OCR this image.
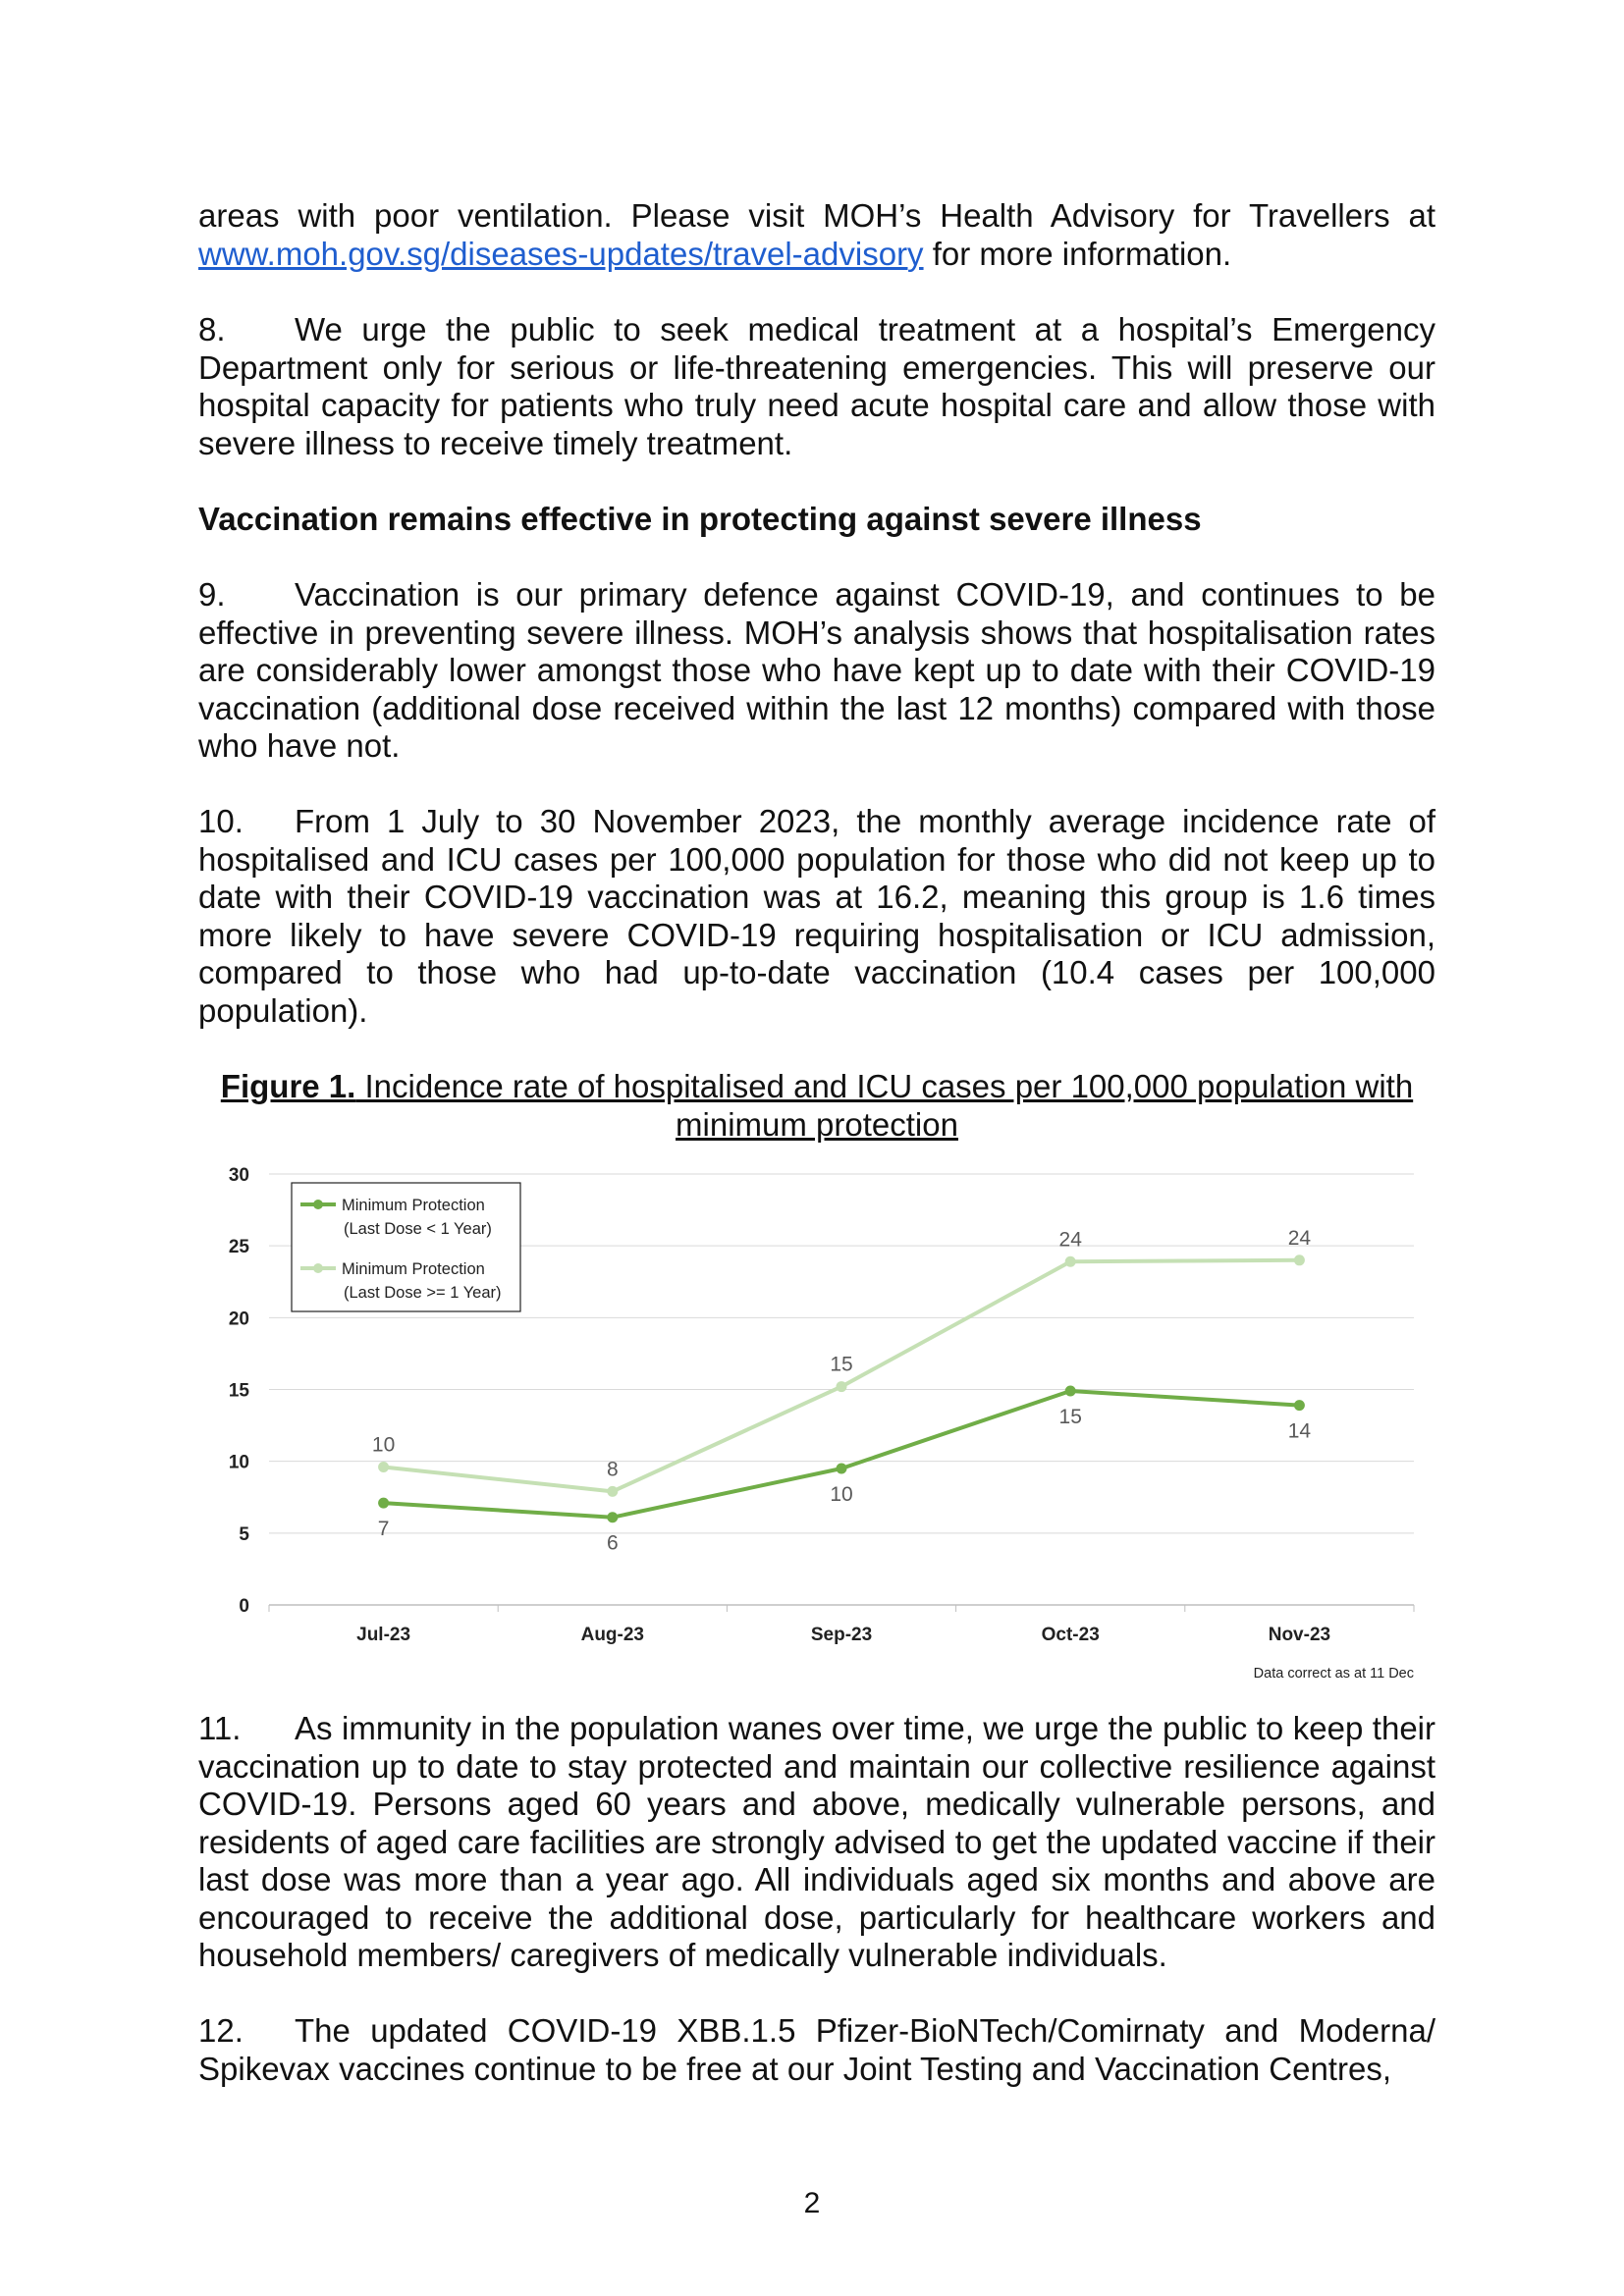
areas with poor ventilation. Please visit MOH’s Health Advisory for Travellers at www.moh.gov.sg/diseases-updates/travel-advisory for more information.

8. We urge the public to seek medical treatment at a hospital’s Emergency Department only for serious or life-threatening emergencies. This will preserve our hospital capacity for patients who truly need acute hospital care and allow those with severe illness to receive timely treatment.

Vaccination remains effective in protecting against severe illness

9. Vaccination is our primary defence against COVID-19, and continues to be effective in preventing severe illness. MOH’s analysis shows that hospitalisation rates are considerably lower amongst those who have kept up to date with their COVID-19 vaccination (additional dose received within the last 12 months) compared with those who have not.

10. From 1 July to 30 November 2023, the monthly average incidence rate of hospitalised and ICU cases per 100,000 population for those who did not keep up to date with their COVID-19 vaccination was at 16.2, meaning this group is 1.6 times more likely to have severe COVID-19 requiring hospitalisation or ICU admission, compared to those who had up-to-date vaccination (10.4 cases per 100,000 population).

Figure 1. Incidence rate of hospitalised and ICU cases per 100,000 population with minimum protection
0
5
10
15
20
25
30
Jul-23	Aug-23	Sep-23	Oct-23	Nov-23
7
6
10
15
14
10
8
15
24	24
Minimum Protection
(Last Dose < 1 Year)
Minimum Protection
(Last Dose >= 1 Year)
Data correct as at 11 Dec

11. As immunity in the population wanes over time, we urge the public to keep their vaccination up to date to stay protected and maintain our collective resilience against COVID-19. Persons aged 60 years and above, medically vulnerable persons, and residents of aged care facilities are strongly advised to get the updated vaccine if their last dose was more than a year ago. All individuals aged six months and above are encouraged to receive the additional dose, particularly for healthcare workers and household members/ caregivers of medically vulnerable individuals.

12. The updated COVID-19 XBB.1.5 Pfizer-BioNTech/Comirnaty and Moderna/ Spikevax vaccines continue to be free at our Joint Testing and Vaccination Centres,

2
